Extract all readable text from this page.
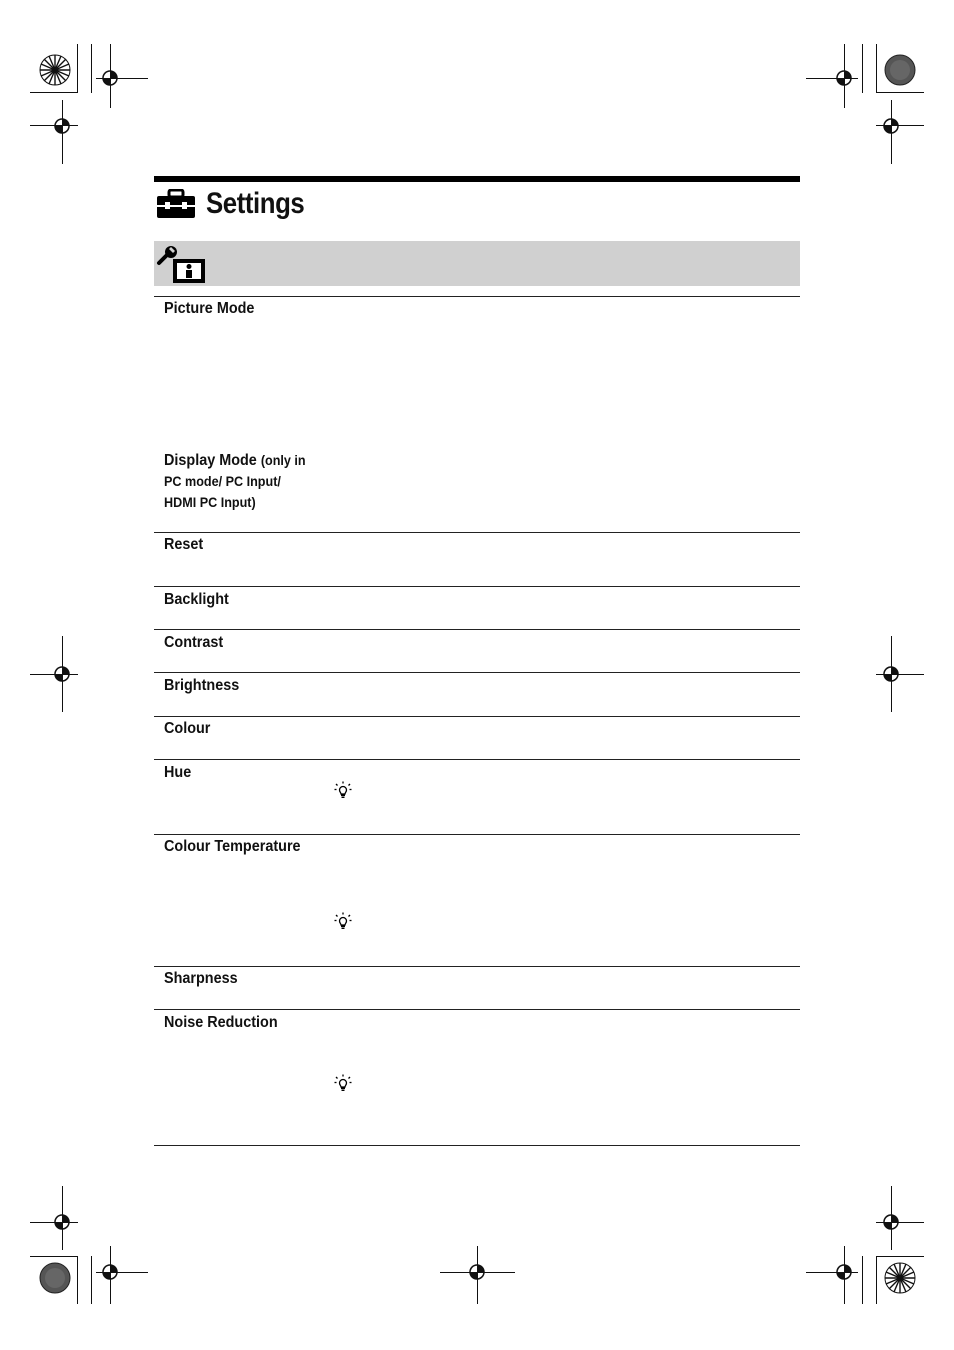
Settings
Picture Mode
Display Mode (only in
PC mode/ PC Input/
HDMI PC Input)
Reset
Backlight
Contrast
Brightness
Colour
Hue
Colour Temperature
Sharpness
Noise Reduction
